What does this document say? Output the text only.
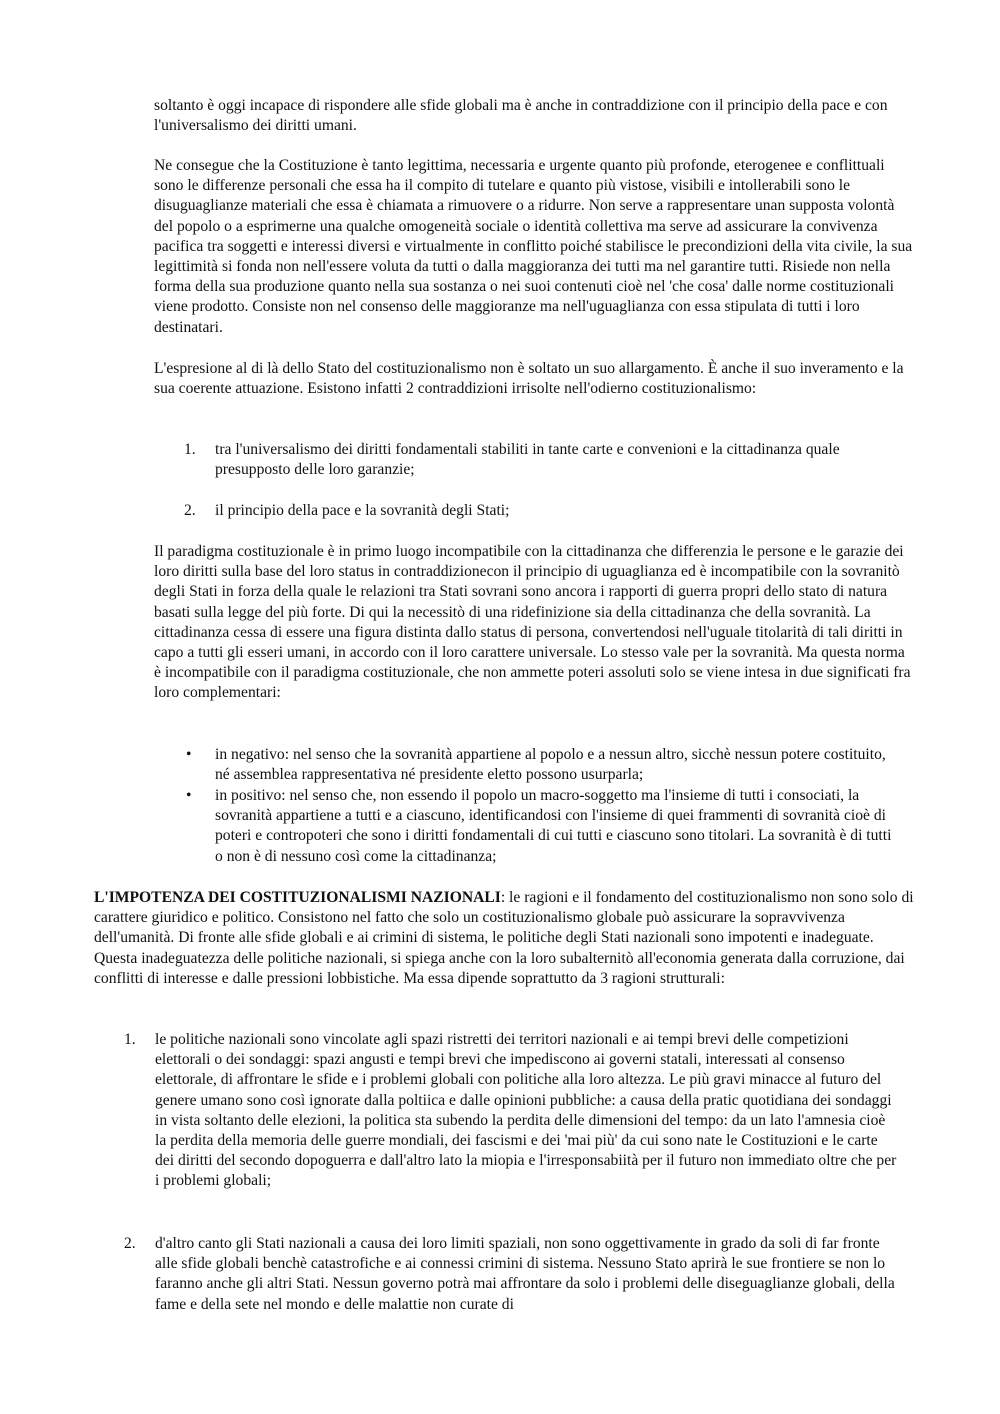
soltanto è oggi incapace di rispondere alle sfide globali ma è anche in contraddizione con il principio della pace e con l'universalismo dei diritti umani.

Ne consegue che la Costituzione è tanto legittima, necessaria e urgente quanto più profonde, eterogenee e conflittuali sono le differenze personali che essa ha il compito di tutelare e quanto più vistose, visibili e intollerabili sono le disuguaglianze materiali che essa è chiamata a rimuovere o a ridurre. Non serve a rappresentare unan supposta volontà del popolo o a esprimerne una qualche omogeneità sociale o identità collettiva ma serve ad assicurare la convivenza pacifica tra soggetti e interessi diversi e virtualmente in conflitto poiché stabilisce le precondizioni della vita civile, la sua legittimità si fonda non nell'essere voluta da tutti o dalla maggioranza dei tutti ma nel garantire tutti. Risiede non nella forma della sua produzione quanto nella sua sostanza o nei suoi contenuti cioè nel 'che cosa' dalle norme costituzionali viene prodotto. Consiste non nel consenso delle maggioranze ma nell'uguaglianza con essa stipulata di tutti i loro destinatari.

L'espresione al di là dello Stato del costituzionalismo non è soltato un suo allargamento. È anche il suo inveramento e la sua coerente attuazione. Esistono infatti 2 contraddizioni irrisolte nell'odierno costituzionalismo:

1. tra l'universalismo dei diritti fondamentali stabiliti in tante carte e convenioni e la cittadinanza quale presupposto delle loro garanzie;
2. il principio della pace e la sovranità degli Stati;

Il paradigma costituzionale è in primo luogo incompatibile con la cittadinanza che differenzia le persone e le garazie dei loro diritti sulla base del loro status in contraddizionecon il principio di uguaglianza ed è incompatibile con la sovranitò degli Stati in forza della quale le relazioni tra Stati sovrani sono ancora i rapporti di guerra propri dello stato di natura basati sulla legge del più forte. Di qui la necessitò di una ridefinizione sia della cittadinanza che della sovranità. La cittadinanza cessa di essere una figura distinta dallo status di persona, convertendosi nell'uguale titolarità di tali diritti in capo a tutti gli esseri umani, in accordo con il loro carattere universale. Lo stesso vale per la sovranità. Ma questa norma è incompatibile con il paradigma costituzionale, che non ammette poteri assoluti solo se viene intesa in due significati fra loro complementari:

• in negativo: nel senso che la sovranità appartiene al popolo e a nessun altro, sicchè nessun potere costituito, né assemblea rappresentativa né presidente eletto possono usurparla;
• in positivo: nel senso che, non essendo il popolo un macro-soggetto ma l'insieme di tutti i consociati, la sovranità appartiene a tutti e a ciascuno, identificandosi con l'insieme di quei frammenti di sovranità cioè di poteri e contropoteri che sono i diritti fondamentali di cui tutti e ciascuno sono titolari. La sovranità è di tutti o non è di nessuno così come la cittadinanza;

L'IMPOTENZA DEI COSTITUZIONALISMI NAZIONALI: le ragioni e il fondamento del costituzionalismo non sono solo di carattere giuridico e politico. Consistono nel fatto che solo un costituzionalismo globale può assicurare la sopravvivenza dell'umanità. Di fronte alle sfide globali e ai crimini di sistema, le politiche degli Stati nazionali sono impotenti e inadeguate. Questa inadeguatezza delle politiche nazionali, si spiega anche con la loro subalternitò all'economia generata dalla corruzione, dai conflitti di interesse e dalle pressioni lobbistiche. Ma essa dipende soprattutto da 3 ragioni strutturali:

1. le politiche nazionali sono vincolate agli spazi ristretti dei territori nazionali e ai tempi brevi delle competizioni elettorali o dei sondaggi: spazi angusti e tempi brevi che impediscono ai governi statali, interessati al consenso elettorale, di affrontare le sfide e i problemi globali con politiche alla loro altezza. Le più gravi minacce al futuro del genere umano sono così ignorate dalla poltiica e dalle opinioni pubbliche: a causa della pratic quotidiana dei sondaggi in vista soltanto delle elezioni, la politica sta subendo la perdita delle dimensioni del tempo: da un lato l'amnesia cioè la perdita della memoria delle guerre mondiali, dei fascismi e dei 'mai più' da cui sono nate le Costituzioni e le carte dei diritti del secondo dopoguerra e dall'altro lato la miopia e l'irresponsabiità per il futuro non immediato oltre che per i problemi globali;
2. d'altro canto gli Stati nazionali a causa dei loro limiti spaziali, non sono oggettivamente in grado da soli di far fronte alle sfide globali benchè catastrofiche e ai connessi crimini di sistema. Nessuno Stato aprirà le sue frontiere se non lo faranno anche gli altri Stati. Nessun governo potrà mai affrontare da solo i problemi delle diseguaglianze globali, della fame e della sete nel mondo e delle malattie non curate di
